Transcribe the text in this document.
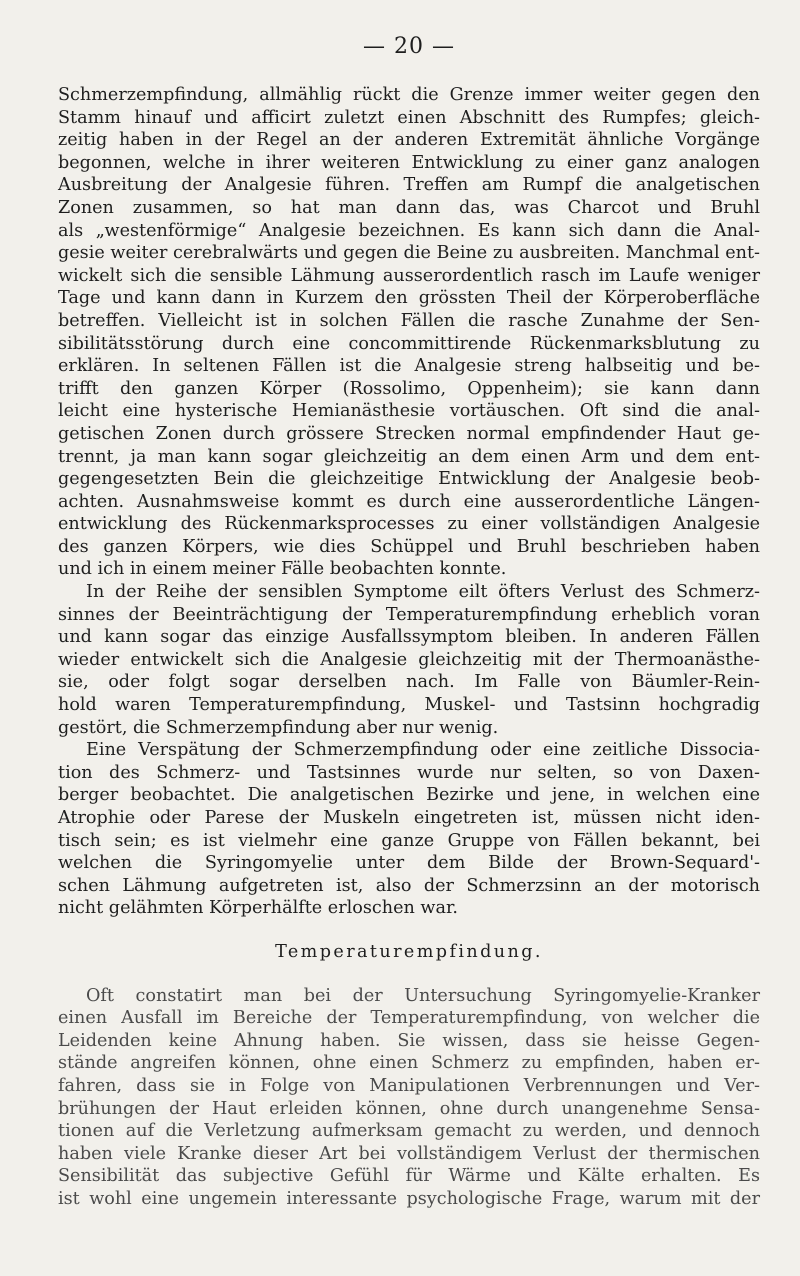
— 20 —
Schmerzempfindung, allmählig rückt die Grenze immer weiter gegen den
Stamm hinauf und afficirt zuletzt einen Abschnitt des Rumpfes; gleich-
zeitig haben in der Regel an der anderen Extremität ähnliche Vorgänge
begonnen, welche in ihrer weiteren Entwicklung zu einer ganz analogen
Ausbreitung der Analgesie führen. Treffen am Rumpf die analgetischen
Zonen zusammen, so hat man dann das, was Charcot und Bruhl
als „westenförmige“ Analgesie bezeichnen. Es kann sich dann die Anal-
gesie weiter cerebralwärts und gegen die Beine zu ausbreiten. Manchmal ent-
wickelt sich die sensible Lähmung ausserordentlich rasch im Laufe weniger
Tage und kann dann in Kurzem den grössten Theil der Körperoberfläche
betreffen. Vielleicht ist in solchen Fällen die rasche Zunahme der Sen-
sibilitätsstörung durch eine concommittirende Rückenmarksblutung zu
erklären. In seltenen Fällen ist die Analgesie streng halbseitig und be-
trifft den ganzen Körper (Rossolimo, Oppenheim); sie kann dann
leicht eine hysterische Hemianästhesie vortäuschen. Oft sind die anal-
getischen Zonen durch grössere Strecken normal empfindender Haut ge-
trennt, ja man kann sogar gleichzeitig an dem einen Arm und dem ent-
gegengesetzten Bein die gleichzeitige Entwicklung der Analgesie beob-
achten. Ausnahmsweise kommt es durch eine ausserordentliche Längen-
entwicklung des Rückenmarksprocesses zu einer vollständigen Analgesie
des ganzen Körpers, wie dies Schüppel und Bruhl beschrieben haben
und ich in einem meiner Fälle beobachten konnte.
In der Reihe der sensiblen Symptome eilt öfters Verlust des Schmerz-
sinnes der Beeinträchtigung der Temperaturempfindung erheblich voran
und kann sogar das einzige Ausfallssymptom bleiben. In anderen Fällen
wieder entwickelt sich die Analgesie gleichzeitig mit der Thermoanästhe-
sie, oder folgt sogar derselben nach. Im Falle von Bäumler-Rein-
hold waren Temperaturempfindung, Muskel- und Tastsinn hochgradig
gestört, die Schmerzempfindung aber nur wenig.
Eine Verspätung der Schmerzempfindung oder eine zeitliche Dissocia-
tion des Schmerz- und Tastsinnes wurde nur selten, so von Daxen-
berger beobachtet. Die analgetischen Bezirke und jene, in welchen eine
Atrophie oder Parese der Muskeln eingetreten ist, müssen nicht iden-
tisch sein; es ist vielmehr eine ganze Gruppe von Fällen bekannt, bei
welchen die Syringomyelie unter dem Bilde der Brown-Sequard'-
schen Lähmung aufgetreten ist, also der Schmerzsinn an der motorisch
nicht gelähmten Körperhälfte erloschen war.
Temperaturempfindung.
Oft constatirt man bei der Untersuchung Syringomyelie-Kranker
einen Ausfall im Bereiche der Temperaturempfindung, von welcher die
Leidenden keine Ahnung haben. Sie wissen, dass sie heisse Gegen-
stände angreifen können, ohne einen Schmerz zu empfinden, haben er-
fahren, dass sie in Folge von Manipulationen Verbrennungen und Ver-
brühungen der Haut erleiden können, ohne durch unangenehme Sensa-
tionen auf die Verletzung aufmerksam gemacht zu werden, und dennoch
haben viele Kranke dieser Art bei vollständigem Verlust der thermischen
Sensibilität das subjective Gefühl für Wärme und Kälte erhalten. Es
ist wohl eine ungemein interessante psychologische Frage, warum mit der
